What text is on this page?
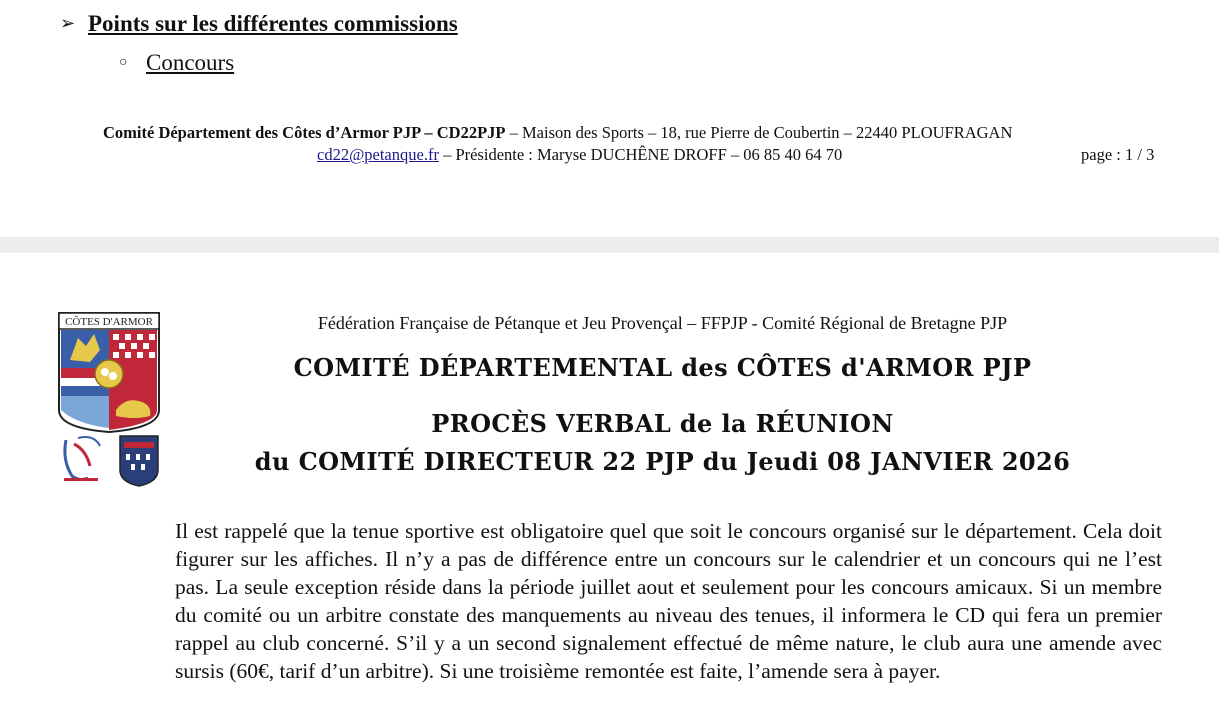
➢ Points sur les différentes commissions
○ Concours
Comité Département des Côtes d’Armor PJP – CD22PJP – Maison des Sports – 18, rue Pierre de Coubertin – 22440 PLOUFRAGAN
cd22@petanque.fr – Présidente : Maryse DUCHÊNE DROFF – 06 85 40 64 70	page : 1 / 3
CÔTES D'ARMOR	Fédération Française de Pétanque et Jeu Provençal – FFPJP - Comité Régional de Bretagne PJP
COMITÉ DÉPARTEMENTAL des CÔTES d'ARMOR PJP
PROCÈS VERBAL de la RÉUNION
du COMITÉ DIRECTEUR 22 PJP du Jeudi 08 JANVIER 2026
Il est rappelé que la tenue sportive est obligatoire quel que soit le concours organisé sur le département. Cela doit figurer sur les affiches. Il n’y a pas de différence entre un concours sur le calendrier et un concours qui ne l’est pas. La seule exception réside dans la période juillet aout et seulement pour les concours amicaux. Si un membre du comité ou un arbitre constate des manquements au niveau des tenues, il informera le CD qui fera un premier rappel au club concerné. S’il y a un second signalement effectué de même nature, le club aura une amende avec sursis (60€, tarif d’un arbitre). Si une troisième remontée est faite, l’amende sera à payer.
